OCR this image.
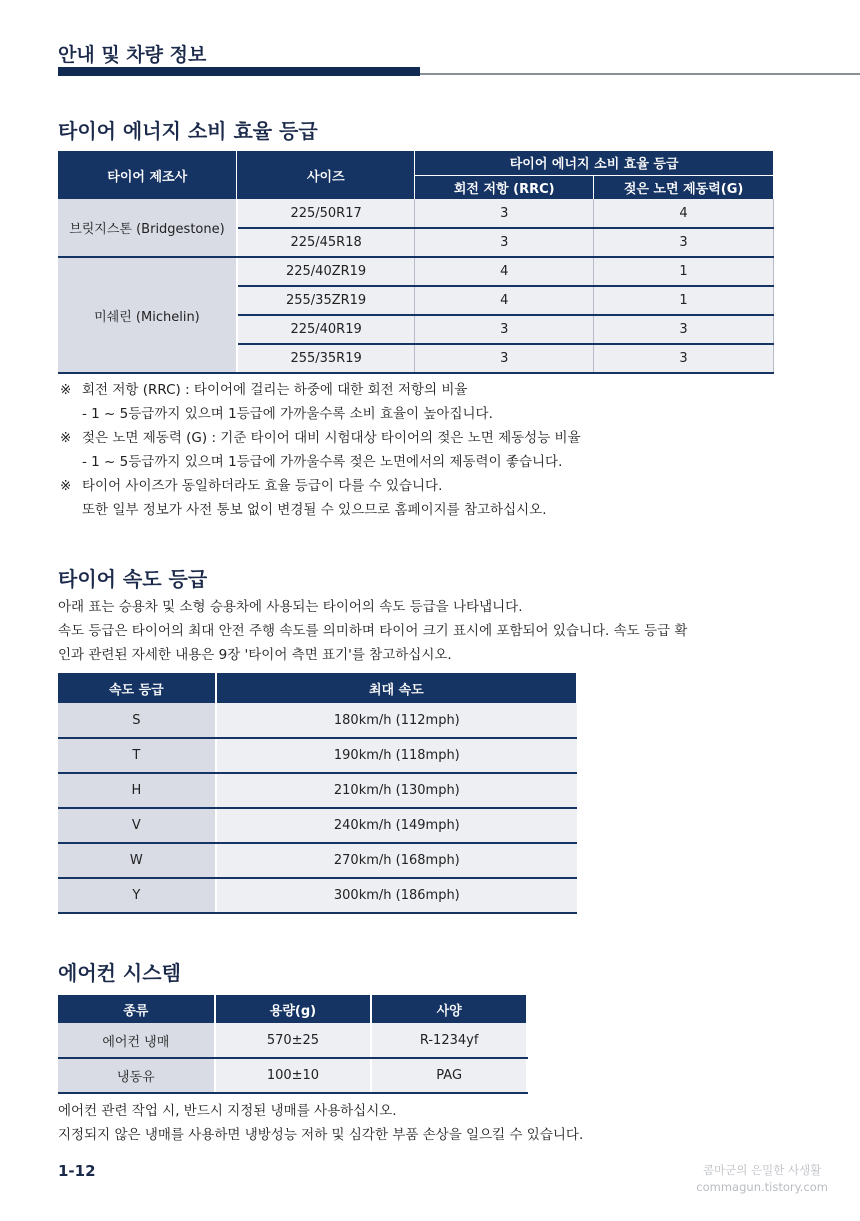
안내 및 차량 정보
타이어 에너지 소비 효율 등급
타이어 제조사	사이즈	타이어 에너지 소비 효율 등급	
		회전 저항 (RRC)	젖은 노면 제동력(G)
브릿지스톤 (Bridgestone)	225/50R17	3	4
	225/45R18	3	3
미쉐린 (Michelin)	225/40ZR19	4	1
	255/35ZR19	4	1
	225/40R19	3	3
	255/35R19	3	3
※ 회전 저항 (RRC) : 타이어에 걸리는 하중에 대한 회전 저항의 비율
- 1 ~ 5등급까지 있으며 1등급에 가까울수록 소비 효율이 높아집니다.
※ 젖은 노면 제동력 (G) : 기준 타이어 대비 시험대상 타이어의 젖은 노면 제동성능 비율
- 1 ~ 5등급까지 있으며 1등급에 가까울수록 젖은 노면에서의 제동력이 좋습니다.
※ 타이어 사이즈가 동일하더라도 효율 등급이 다를 수 있습니다.
또한 일부 정보가 사전 통보 없이 변경될 수 있으므로 홈페이지를 참고하십시오.
타이어 속도 등급
아래 표는 승용차 및 소형 승용차에 사용되는 타이어의 속도 등급을 나타냅니다.
속도 등급은 타이어의 최대 안전 주행 속도를 의미하며 타이어 크기 표시에 포함되어 있습니다. 속도 등급 확
인과 관련된 자세한 내용은 9장 '타이어 측면 표기'를 참고하십시오.
속도 등급	최대 속도
S	180km/h (112mph)
T	190km/h (118mph)
H	210km/h (130mph)
V	240km/h (149mph)
W	270km/h (168mph)
Y	300km/h (186mph)
에어컨 시스템
종류	용량(g)	사양
에어컨 냉매	570±25	R-1234yf
냉동유	100±10	PAG
에어컨 관련 작업 시, 반드시 지정된 냉매를 사용하십시오.
지정되지 않은 냉매를 사용하면 냉방성능 저하 및 심각한 부품 손상을 일으킬 수 있습니다.
1-12	콤마군의 은밀한 사생활
commagun.tistory.com
